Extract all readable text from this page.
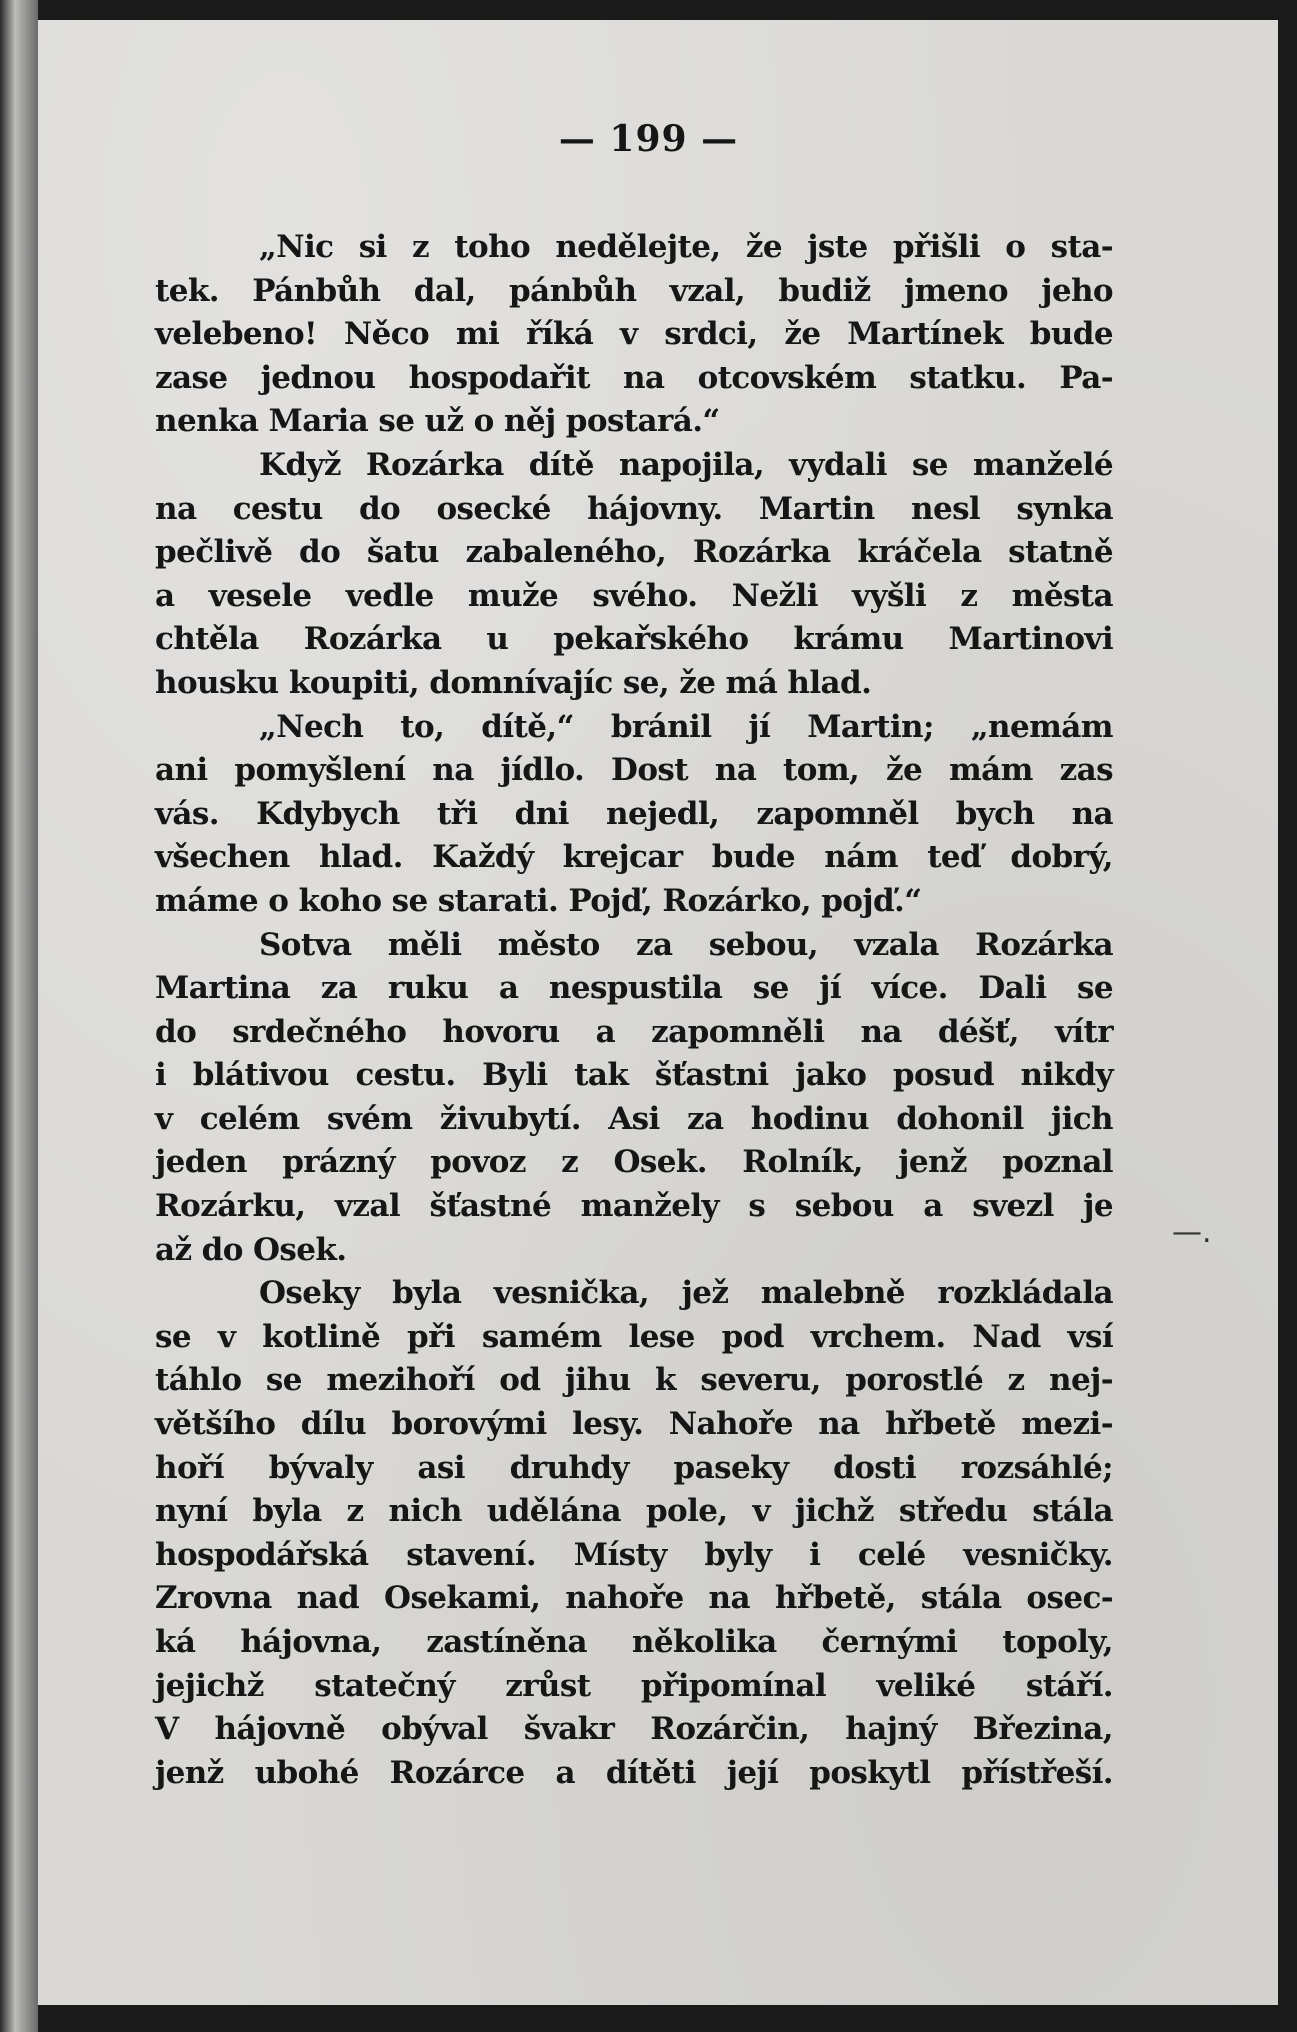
— 199 —
„Nic si z toho nedělejte, že jste přišli o sta-
tek. Pánbůh dal, pánbůh vzal, budiž jmeno jeho
velebeno! Něco mi říká v srdci, že Martínek bude
zase jednou hospodařit na otcovském statku. Pa-
nenka Maria se už o něj postará.“
Když Rozárka dítě napojila, vydali se manželé
na cestu do osecké hájovny. Martin nesl synka
pečlivě do šatu zabaleného, Rozárka kráčela statně
a vesele vedle muže svého. Nežli vyšli z města
chtěla Rozárka u pekařského krámu Martinovi
housku koupiti, domnívajíc se, že má hlad.
„Nech to, dítě,“ bránil jí Martin; „nemám
ani pomyšlení na jídlo. Dost na tom, že mám zas
vás. Kdybych tři dni nejedl, zapomněl bych na
všechen hlad. Každý krejcar bude nám teď dobrý,
máme o koho se starati. Pojď, Rozárko, pojď.“
Sotva měli město za sebou, vzala Rozárka
Martina za ruku a nespustila se jí více. Dali se
do srdečného hovoru a zapomněli na déšť, vítr
i blátivou cestu. Byli tak šťastni jako posud nikdy
v celém svém živubytí. Asi za hodinu dohonil jich
jeden prázný povoz z Osek. Rolník, jenž poznal
Rozárku, vzal šťastné manžely s sebou a svezl je
až do Osek.
Oseky byla vesnička, jež malebně rozkládala
se v kotlině při samém lese pod vrchem. Nad vsí
táhlo se mezihoří od jihu k severu, porostlé z nej-
většího dílu borovými lesy. Nahoře na hřbetě mezi-
hoří bývaly asi druhdy paseky dosti rozsáhlé;
nyní byla z nich udělána pole, v jichž středu stála
hospodářská stavení. Místy byly i celé vesničky.
Zrovna nad Osekami, nahoře na hřbetě, stála osec-
ká hájovna, zastíněna několika černými topoly,
jejichž statečný zrůst připomínal veliké stáří.
V hájovně obýval švakr Rozárčin, hajný Březina,
jenž ubohé Rozárce a dítěti její poskytl přístřeší.
—.
